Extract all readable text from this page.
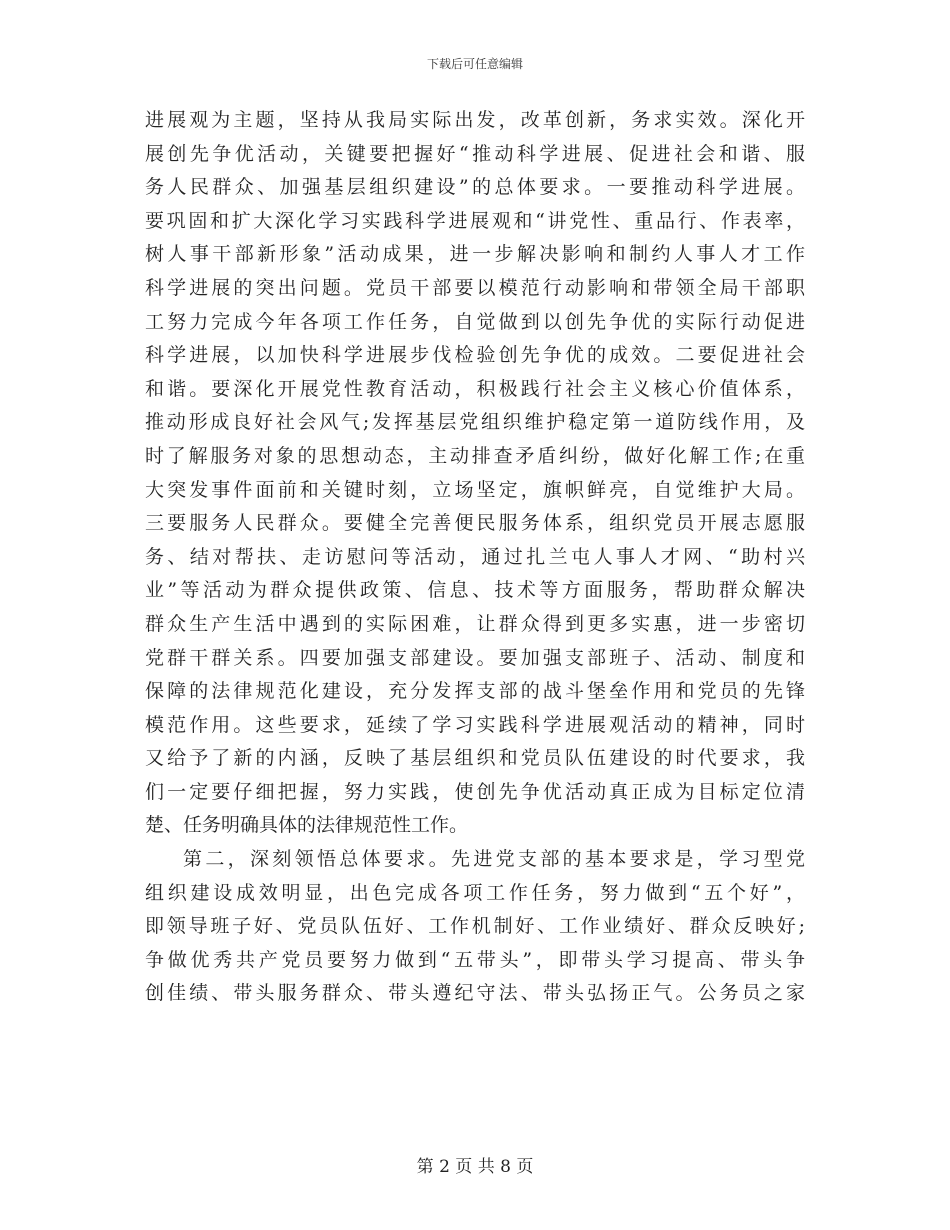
下载后可任意编辑
进展观为主题，坚持从我局实际出发，改革创新，务求实效。深化开
展创先争优活动，关键要把握好“推动科学进展、促进社会和谐、服
务人民群众、加强基层组织建设”的总体要求。一要推动科学进展。
要巩固和扩大深化学习实践科学进展观和“讲党性、重品行、作表率，
树人事干部新形象”活动成果，进一步解决影响和制约人事人才工作
科学进展的突出问题。党员干部要以模范行动影响和带领全局干部职
工努力完成今年各项工作任务，自觉做到以创先争优的实际行动促进
科学进展，以加快科学进展步伐检验创先争优的成效。二要促进社会
和谐。要深化开展党性教育活动，积极践行社会主义核心价值体系，
推动形成良好社会风气;发挥基层党组织维护稳定第一道防线作用，及
时了解服务对象的思想动态，主动排查矛盾纠纷，做好化解工作;在重
大突发事件面前和关键时刻，立场坚定，旗帜鲜亮，自觉维护大局。
三要服务人民群众。要健全完善便民服务体系，组织党员开展志愿服
务、结对帮扶、走访慰问等活动，通过扎兰屯人事人才网、“助村兴
业”等活动为群众提供政策、信息、技术等方面服务，帮助群众解决
群众生产生活中遇到的实际困难，让群众得到更多实惠，进一步密切
党群干群关系。四要加强支部建设。要加强支部班子、活动、制度和
保障的法律规范化建设，充分发挥支部的战斗堡垒作用和党员的先锋
模范作用。这些要求，延续了学习实践科学进展观活动的精神，同时
又给予了新的内涵，反映了基层组织和党员队伍建设的时代要求，我
们一定要仔细把握，努力实践，使创先争优活动真正成为目标定位清
楚、任务明确具体的法律规范性工作。
第二，深刻领悟总体要求。先进党支部的基本要求是，学习型党
组织建设成效明显，出色完成各项工作任务，努力做到“五个好”，
即领导班子好、党员队伍好、工作机制好、工作业绩好、群众反映好;
争做优秀共产党员要努力做到“五带头”，即带头学习提高、带头争
创佳绩、带头服务群众、带头遵纪守法、带头弘扬正气。公务员之家
第 2 页 共 8 页
